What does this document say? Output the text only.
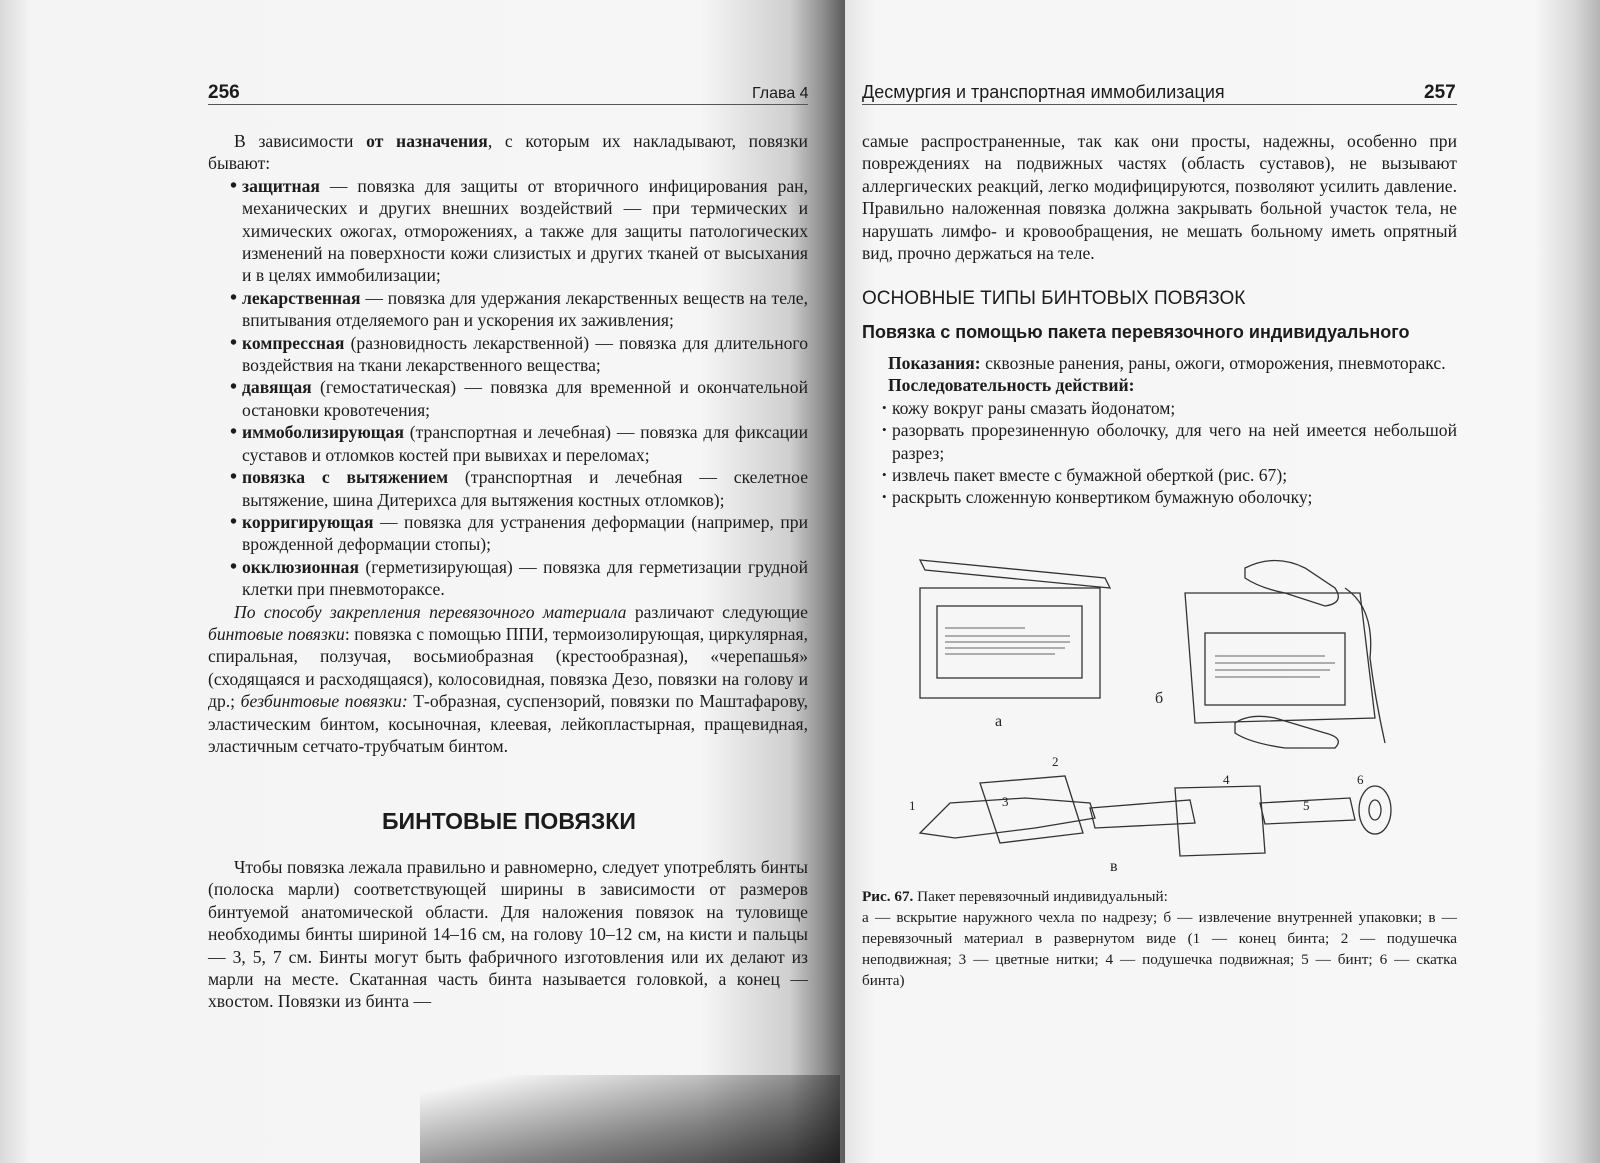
256	Глава 4

В зависимости от назначения, с которым их накладывают, повязки бывают:

• защитная — повязка для защиты от вторичного инфицирования ран, механических и других внешних воздействий — при термических и химических ожогах, отморожениях, а также для защиты патологических изменений на поверхности кожи слизистых и других тканей от высыхания и в целях иммобилизации;
• лекарственная — повязка для удержания лекарственных веществ на теле, впитывания отделяемого ран и ускорения их заживления;
• компрессная (разновидность лекарственной) — повязка для длительного воздействия на ткани лекарственного вещества;
• давящая (гемостатическая) — повязка для временной и окончательной остановки кровотечения;
• иммоболизирующая (транспортная и лечебная) — повязка для фиксации суставов и отломков костей при вывихах и переломах;
• повязка с вытяжением (транспортная и лечебная — скелетное вытяжение, шина Дитерихса для вытяжения костных отломков);
• корригирующая — повязка для устранения деформации (например, при врожденной деформации стопы);
• окклюзионная (герметизирующая) — повязка для герметизации грудной клетки при пневмотораксе.

По способу закрепления перевязочного материала различают следующие бинтовые повязки: повязка с помощью ППИ, термоизолирующая, циркулярная, спиральная, ползучая, восьмиобразная (крестообразная), «черепашья» (сходящаяся и расходящаяся), колосовидная, повязка Дезо, повязки на голову и др.; безбинтовые повязки: Т-образная, суспензорий, повязки по Маштафарову, эластическим бинтом, косыночная, клеевая, лейкопластырная, пращевидная, эластичным сетчато-трубчатым бинтом.

БИНТОВЫЕ ПОВЯЗКИ

Чтобы повязка лежала правильно и равномерно, следует употреблять бинты (полоска марли) соответствующей ширины в зависимости от размеров бинтуемой анатомической области. Для наложения повязок на туловище необходимы бинты шириной 14–16 см, на голову 10–12 см, на кисти и пальцы — 3, 5, 7 см. Бинты могут быть фабричного изготовления или их делают из марли на месте. Скатанная часть бинта называется головкой, а конец — хвостом. Повязки из бинта —

Десмургия и транспортная иммобилизация	257

самые распространенные, так как они просты, надежны, особенно при повреждениях на подвижных частях (область суставов), не вызывают аллергических реакций, легко модифицируются, позволяют усилить давление. Правильно наложенная повязка должна закрывать больной участок тела, не нарушать лимфо- и кровообращения, не мешать больному иметь опрятный вид, прочно держаться на теле.

ОСНОВНЫЕ ТИПЫ БИНТОВЫХ ПОВЯЗОК
Повязка с помощью пакета перевязочного индивидуального

Показания: сквозные ранения, раны, ожоги, отморожения, пневмоторакс.

Последовательность действий:

• кожу вокруг раны смазать йодонатом;
• разорвать прорезиненную оболочку, для чего на ней имеется небольшой разрез;
• извлечь пакет вместе с бумажной оберткой (рис. 67);
• раскрыть сложенную конвертиком бумажную оболочку;
а
б
в
1
2
3
4
5
6

Рис. 67. Пакет перевязочный индивидуальный:

а — вскрытие наружного чехла по надрезу; б — извлечение внутренней упаковки; в — перевязочный материал в развернутом виде (1 — конец бинта; 2 — подушечка неподвижная; 3 — цветные нитки; 4 — подушечка подвижная; 5 — бинт; 6 — скатка бинта)
